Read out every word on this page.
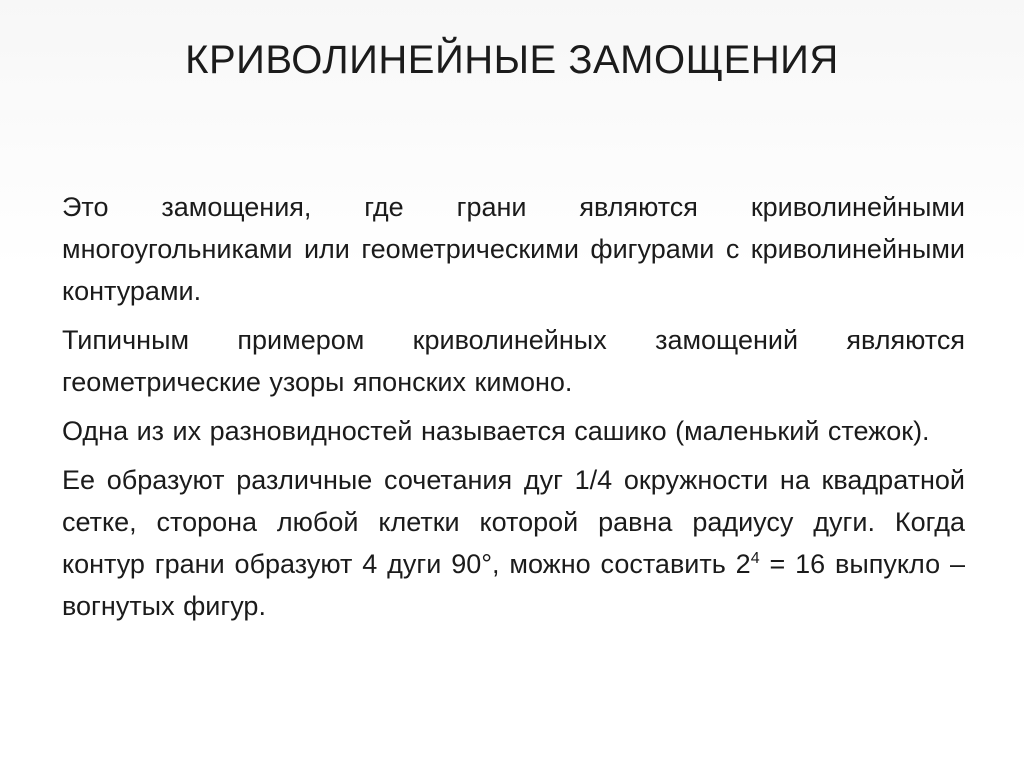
КРИВОЛИНЕЙНЫЕ ЗАМОЩЕНИЯ

Это замощения, где грани являются криволинейными многоугольниками или геометрическими фигурами с криволинейными контурами.

Типичным примером криволинейных замощений являются геометрические узоры японских кимоно.

Одна из их разновидностей называется сашико (маленький стежок).

Ее образуют различные сочетания дуг 1/4 окружности на квадратной сетке, сторона любой клетки которой равна радиусу дуги. Когда контур грани образуют 4 дуги 90°, можно составить $2^4 = 16$ выпукло – вогнутых фигур.
